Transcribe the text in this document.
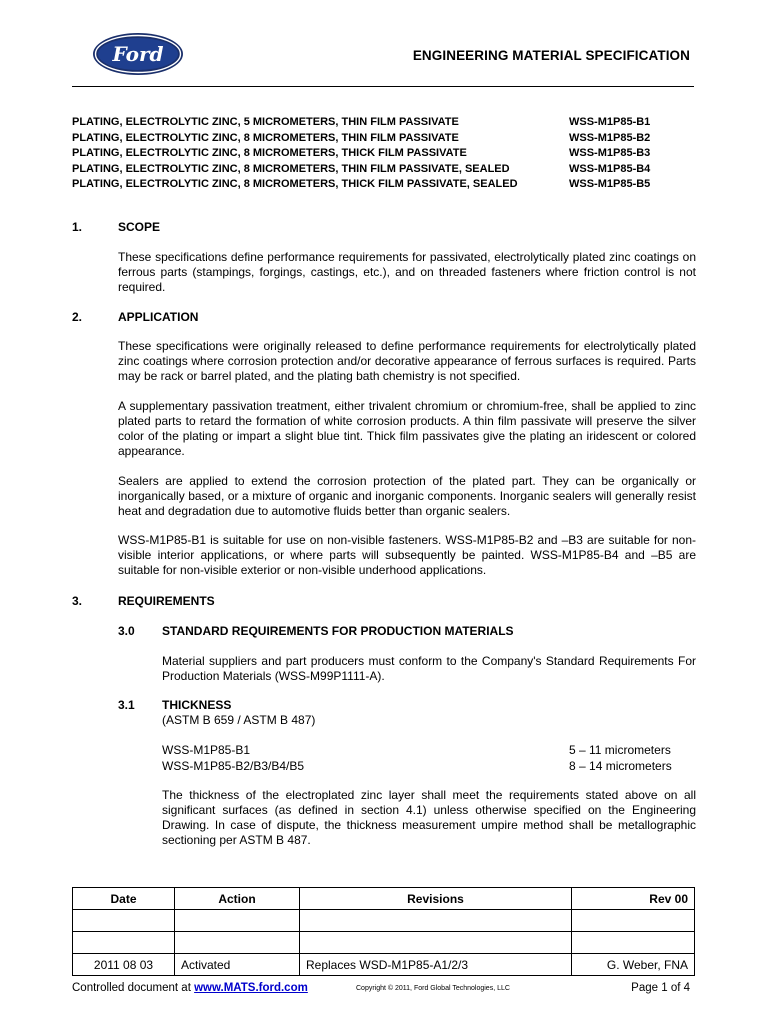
Ford	ENGINEERING MATERIAL SPECIFICATION
PLATING, ELECTROLYTIC ZINC, 5 MICROMETERS, THIN FILM PASSIVATE	WSS-M1P85-B1
PLATING, ELECTROLYTIC ZINC, 8 MICROMETERS, THIN FILM PASSIVATE	WSS-M1P85-B2
PLATING, ELECTROLYTIC ZINC, 8 MICROMETERS, THICK FILM PASSIVATE	WSS-M1P85-B3
PLATING, ELECTROLYTIC ZINC, 8 MICROMETERS, THIN FILM PASSIVATE, SEALED	WSS-M1P85-B4
PLATING, ELECTROLYTIC ZINC, 8 MICROMETERS, THICK FILM PASSIVATE, SEALED	WSS-M1P85-B5
1.	SCOPE
These specifications define performance requirements for passivated, electrolytically plated zinc coatings on ferrous parts (stampings, forgings, castings, etc.), and on threaded fasteners where friction control is not required.
2.	APPLICATION
These specifications were originally released to define performance requirements for electrolytically plated zinc coatings where corrosion protection and/or decorative appearance of ferrous surfaces is required. Parts may be rack or barrel plated, and the plating bath chemistry is not specified.
A supplementary passivation treatment, either trivalent chromium or chromium-free, shall be applied to zinc plated parts to retard the formation of white corrosion products. A thin film passivate will preserve the silver color of the plating or impart a slight blue tint. Thick film passivates give the plating an iridescent or colored appearance.
Sealers are applied to extend the corrosion protection of the plated part. They can be organically or inorganically based, or a mixture of organic and inorganic components. Inorganic sealers will generally resist heat and degradation due to automotive fluids better than organic sealers.
WSS-M1P85-B1 is suitable for use on non-visible fasteners. WSS-M1P85-B2 and –B3 are suitable for non-visible interior applications, or where parts will subsequently be painted. WSS-M1P85-B4 and –B5 are suitable for non-visible exterior or non-visible underhood applications.
3.	REQUIREMENTS
3.0 STANDARD REQUIREMENTS FOR PRODUCTION MATERIALS
Material suppliers and part producers must conform to the Company's Standard Requirements For Production Materials (WSS-M99P1111-A).
3.1 THICKNESS
(ASTM B 659 / ASTM B 487)
WSS-M1P85-B1	5 – 11 micrometers
WSS-M1P85-B2/B3/B4/B5	8 – 14 micrometers
The thickness of the electroplated zinc layer shall meet the requirements stated above on all significant surfaces (as defined in section 4.1) unless otherwise specified on the Engineering Drawing. In case of dispute, the thickness measurement umpire method shall be metallographic sectioning per ASTM B 487.
Date	Action	Revisions	Rev 00

2011 08 03	Activated	Replaces WSD-M1P85-A1/2/3	G. Weber, FNA
Controlled document at www.MATS.ford.com	Copyright © 2011, Ford Global Technologies, LLC	Page 1 of 4
